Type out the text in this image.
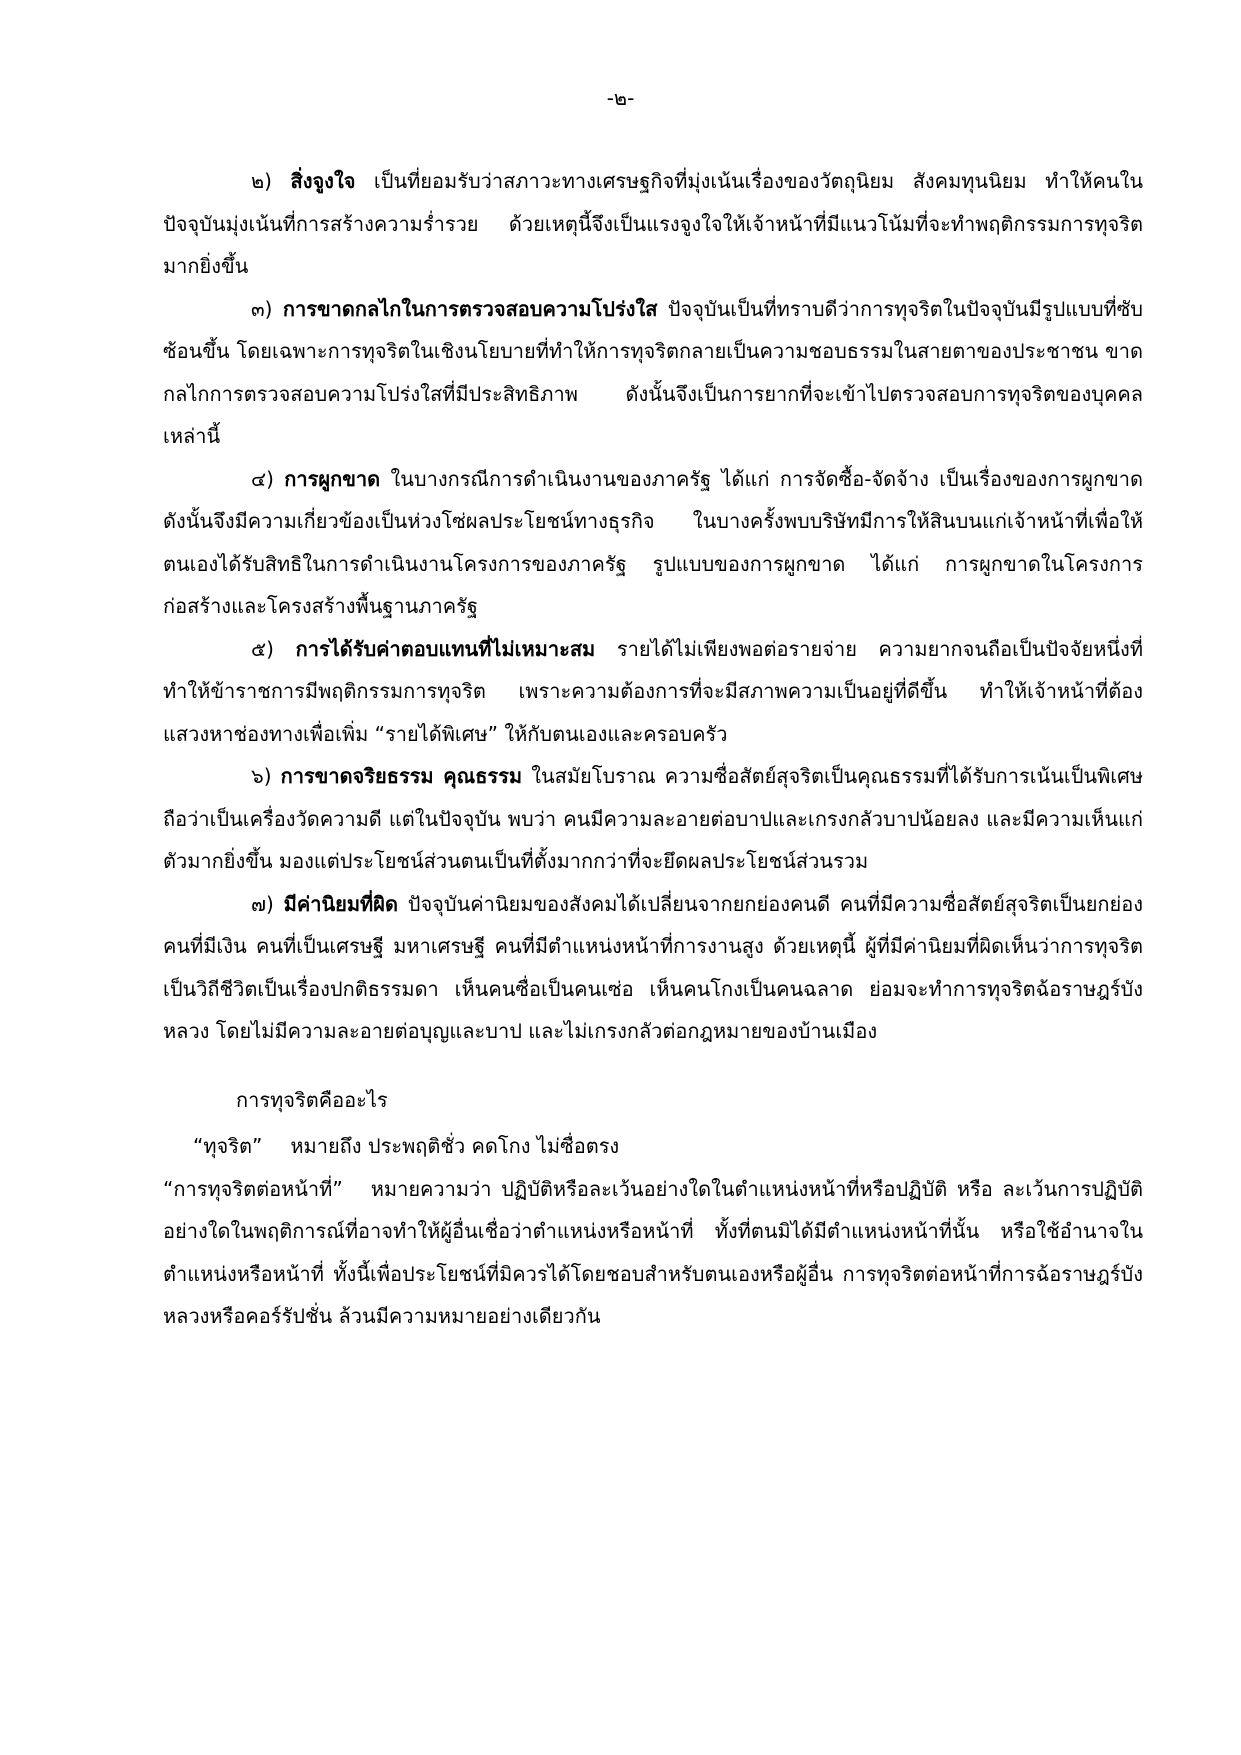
-๒-

๒) สิ่งจูงใจ เป็นที่ยอมรับว่าสภาวะทางเศรษฐกิจที่มุ่งเน้นเรื่องของวัตถุนิยม สังคมทุนนิยม ทำให้คนในปัจจุบันมุ่งเน้นที่การสร้างความร่ำรวย ด้วยเหตุนี้จึงเป็นแรงจูงใจให้เจ้าหน้าที่มีแนวโน้มที่จะทำพฤติกรรมการทุจริตมากยิ่งขึ้น

๓) การขาดกลไกในการตรวจสอบความโปร่งใส ปัจจุบันเป็นที่ทราบดีว่าการทุจริตในปัจจุบันมีรูปแบบที่ซับซ้อนขึ้น โดยเฉพาะการทุจริตในเชิงนโยบายที่ทำให้การทุจริตกลายเป็นความชอบธรรมในสายตาของประชาชน ขาดกลไกการตรวจสอบความโปร่งใสที่มีประสิทธิภาพ ดังนั้นจึงเป็นการยากที่จะเข้าไปตรวจสอบการทุจริตของบุคคลเหล่านี้

๔) การผูกขาด ในบางกรณีการดำเนินงานของภาครัฐ ได้แก่ การจัดซื้อ-จัดจ้าง เป็นเรื่องของการผูกขาด ดังนั้นจึงมีความเกี่ยวข้องเป็นห่วงโซ่ผลประโยชน์ทางธุรกิจ ในบางครั้งพบบริษัทมีการให้สินบนแก่เจ้าหน้าที่เพื่อให้ตนเองได้รับสิทธิในการดำเนินงานโครงการของภาครัฐ รูปแบบของการผูกขาด ได้แก่ การผูกขาดในโครงการก่อสร้างและโครงสร้างพื้นฐานภาครัฐ

๕) การได้รับค่าตอบแทนที่ไม่เหมาะสม รายได้ไม่เพียงพอต่อรายจ่าย ความยากจนถือเป็นปัจจัยหนึ่งที่ทำให้ข้าราชการมีพฤติกรรมการทุจริต เพราะความต้องการที่จะมีสภาพความเป็นอยู่ที่ดีขึ้น ทำให้เจ้าหน้าที่ต้องแสวงหาช่องทางเพื่อเพิ่ม “รายได้พิเศษ” ให้กับตนเองและครอบครัว

๖) การขาดจริยธรรม คุณธรรม ในสมัยโบราณ ความซื่อสัตย์สุจริตเป็นคุณธรรมที่ได้รับการเน้นเป็นพิเศษถือว่าเป็นเครื่องวัดความดี แต่ในปัจจุบัน พบว่า คนมีความละอายต่อบาปและเกรงกลัวบาปน้อยลง และมีความเห็นแก่ตัวมากยิ่งขึ้น มองแต่ประโยชน์ส่วนตนเป็นที่ตั้งมากกว่าที่จะยึดผลประโยชน์ส่วนรวม

๗) มีค่านิยมที่ผิด ปัจจุบันค่านิยมของสังคมได้เปลี่ยนจากยกย่องคนดี คนที่มีความซื่อสัตย์สุจริตเป็นยกย่องคนที่มีเงิน คนที่เป็นเศรษฐี มหาเศรษฐี คนที่มีตำแหน่งหน้าที่การงานสูง ด้วยเหตุนี้ ผู้ที่มีค่านิยมที่ผิดเห็นว่าการทุจริตเป็นวิถีชีวิตเป็นเรื่องปกติธรรมดา เห็นคนซื่อเป็นคนเซ่อ เห็นคนโกงเป็นคนฉลาด ย่อมจะทำการทุจริตฉ้อราษฎร์บังหลวง โดยไม่มีความละอายต่อบุญและบาป และไม่เกรงกลัวต่อกฎหมายของบ้านเมือง

การทุจริตคืออะไร

“ทุจริต” หมายถึง ประพฤติชั่ว คดโกง ไม่ซื่อตรง

“การทุจริตต่อหน้าที่” หมายความว่า ปฏิบัติหรือละเว้นอย่างใดในตำแหน่งหน้าที่หรือปฏิบัติ หรือ ละเว้นการปฏิบัติอย่างใดในพฤติการณ์ที่อาจทำให้ผู้อื่นเชื่อว่าตำแหน่งหรือหน้าที่ ทั้งที่ตนมิได้มีตำแหน่งหน้าที่นั้น หรือใช้อำนาจในตำแหน่งหรือหน้าที่ ทั้งนี้เพื่อประโยชน์ที่มิควรได้โดยชอบสำหรับตนเองหรือผู้อื่น การทุจริตต่อหน้าที่การฉ้อราษฎร์บังหลวงหรือคอร์รัปชั่น ล้วนมีความหมายอย่างเดียวกัน
